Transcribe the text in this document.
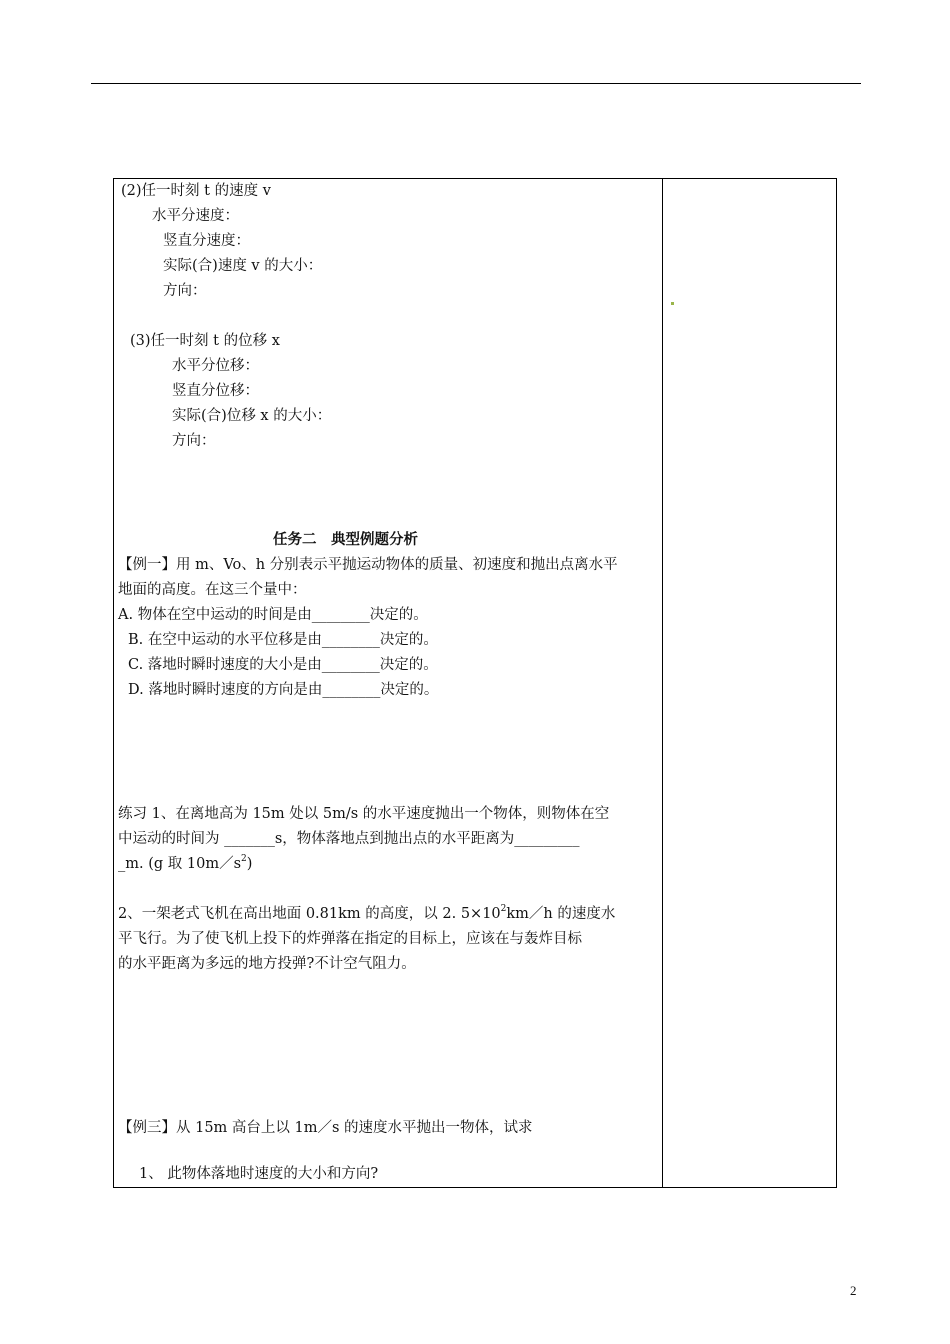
(2)任一时刻 t 的速度 v
水平分速度：
竖直分速度：
实际(合)速度 v 的大小：
方向：
(3)任一时刻 t 的位移 x
水平分位移：
竖直分位移：
实际(合)位移 x 的大小：
方向：
任务二　典型例题分析
【例一】用 m、Vo、h 分别表示平抛运动物体的质量、初速度和抛出点离水平
地面的高度。在这三个量中：
A. 物体在空中运动的时间是由________决定的。
B. 在空中运动的水平位移是由________决定的。
C. 落地时瞬时速度的大小是由________决定的。
D. 落地时瞬时速度的方向是由________决定的。
练习 1、在离地高为 15m 处以 5m/s 的水平速度抛出一个物体，则物体在空
中运动的时间为 _______s，物体落地点到抛出点的水平距离为_________
_m. (g 取 $10m/s^2$)
2、一架老式飞机在高出地面 0.81km 的高度，以 2. $5\times 10^2km/h$ 的速度水
平飞行。为了使飞机上投下的炸弹落在指定的目标上，应该在与轰炸目标
的水平距离为多远的地方投弹?不计空气阻力。
【例三】从 15m 高台上以 1m／s 的速度水平抛出一物体，试求
1、 此物体落地时速度的大小和方向?
2
